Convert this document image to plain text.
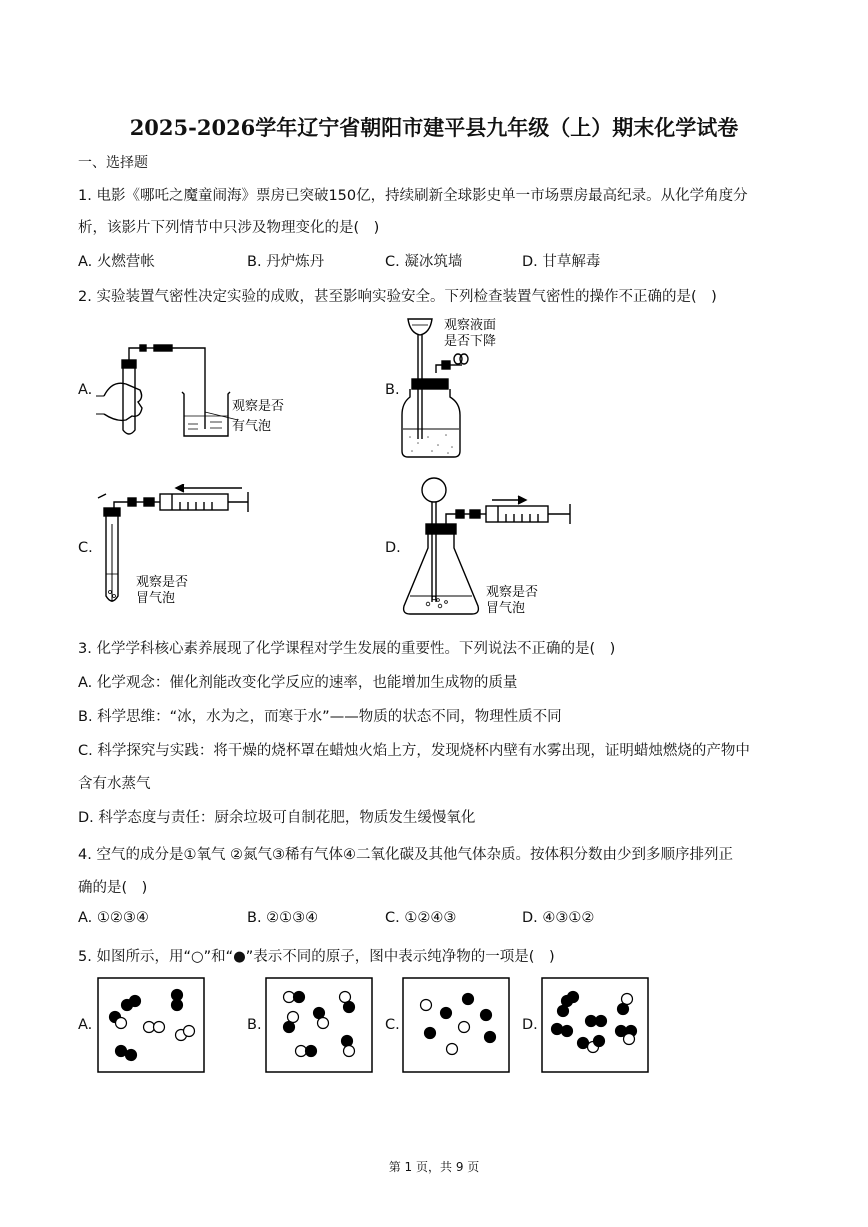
2025-2026学年辽宁省朝阳市建平县九年级（上）期末化学试卷
一、选择题
1. 电影《哪吒之魔童闹海》票房已突破150亿，持续刷新全球影史单一市场票房最高纪录。从化学角度分
析，该影片下列情节中只涉及物理变化的是(　)
A. 火燃营帐	B. 丹炉炼丹	C. 凝冰筑墙	D. 甘草解毒
2. 实验装置气密性决定实验的成败，甚至影响实验安全。下列检查装置气密性的操作不正确的是(　)
A.	B.
C.	D.
观察是否
有气泡
观察液面
是否下降
观察是否
冒气泡	观察是否
冒气泡
3. 化学学科核心素养展现了化学课程对学生发展的重要性。下列说法不正确的是(　)
A. 化学观念：催化剂能改变化学反应的速率，也能增加生成物的质量
B. 科学思维：“冰，水为之，而寒于水”——物质的状态不同，物理性质不同
C. 科学探究与实践：将干燥的烧杯罩在蜡烛火焰上方，发现烧杯内壁有水雾出现，证明蜡烛燃烧的产物中
含有水蒸气
D. 科学态度与责任：厨余垃圾可自制花肥，物质发生缓慢氧化
4. 空气的成分是①氧气 ②氮气③稀有气体④二氧化碳及其他气体杂质。按体积分数由少到多顺序排列正
确的是(　)
A. ①②③④	B. ②①③④	C. ①②④③	D. ④③①②
5. 如图所示，用“○”和“●”表示不同的原子，图中表示纯净物的一项是(　)
A.	B.	C.	D.
第 1 页，共 9 页
